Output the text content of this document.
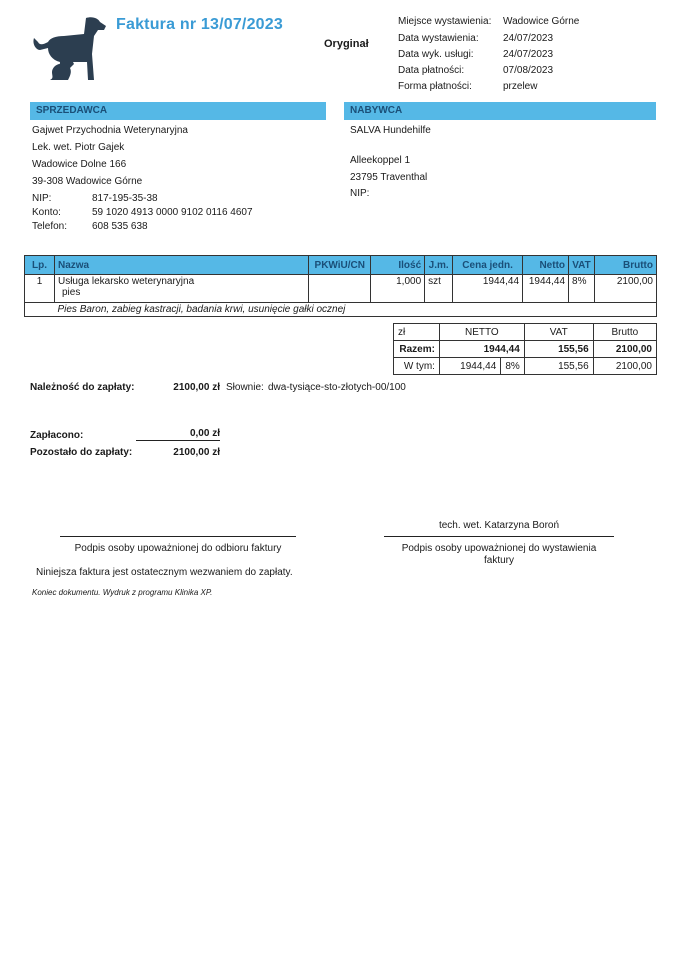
Faktura nr 13/07/2023
Oryginał
Miejsce wystawienia: Wadowice Górne
Data wystawienia: 24/07/2023
Data wyk. usługi:	24/07/2023
Data płatności:	07/08/2023
Forma płatności:	przelew
SPRZEDAWCA
Gajwet Przychodnia Weterynaryjna
Lek. wet. Piotr Gajek
Wadowice Dolne 166
39-308 Wadowice Górne
NIP:	817-195-35-38
Konto:	59 1020 4913 0000 9102 0116 4607
Telefon: 608 535 638
NABYWCA
SALVA Hundehilfe
Alleekoppel 1
23795 Traventhal
NIP:
Lp.	Nazwa	PKWiU/CN	Ilość	J.m.	Cena jedn.	Netto	VAT	Brutto
1	Usługa lekarsko weterynaryjna
pies		1,000	szt	1944,44	1944,44	8%	2100,00
	Pies Baron, zabieg kastracji, badania krwi, usunięcie gałki ocznej							
zł	NETTO		VAT	Brutto
Razem:	1944,44		155,56	2100,00
W tym:	1944,44	8%	155,56	2100,00
Należność do zapłaty:	2100,00 zł Słownie: dwa-tysiące-sto-złotych-00/100
Zapłacono:	0,00 zł
Pozostało do zapłaty:	2100,00 zł
tech. wet. Katarzyna Boroń
Podpis osoby upoważnionej do odbioru faktury	Podpis osoby upoważnionej do wystawienia
faktury
Niniejsza faktura jest ostatecznym wezwaniem do zapłaty.
Koniec dokumentu. Wydruk z programu Klinika XP.
